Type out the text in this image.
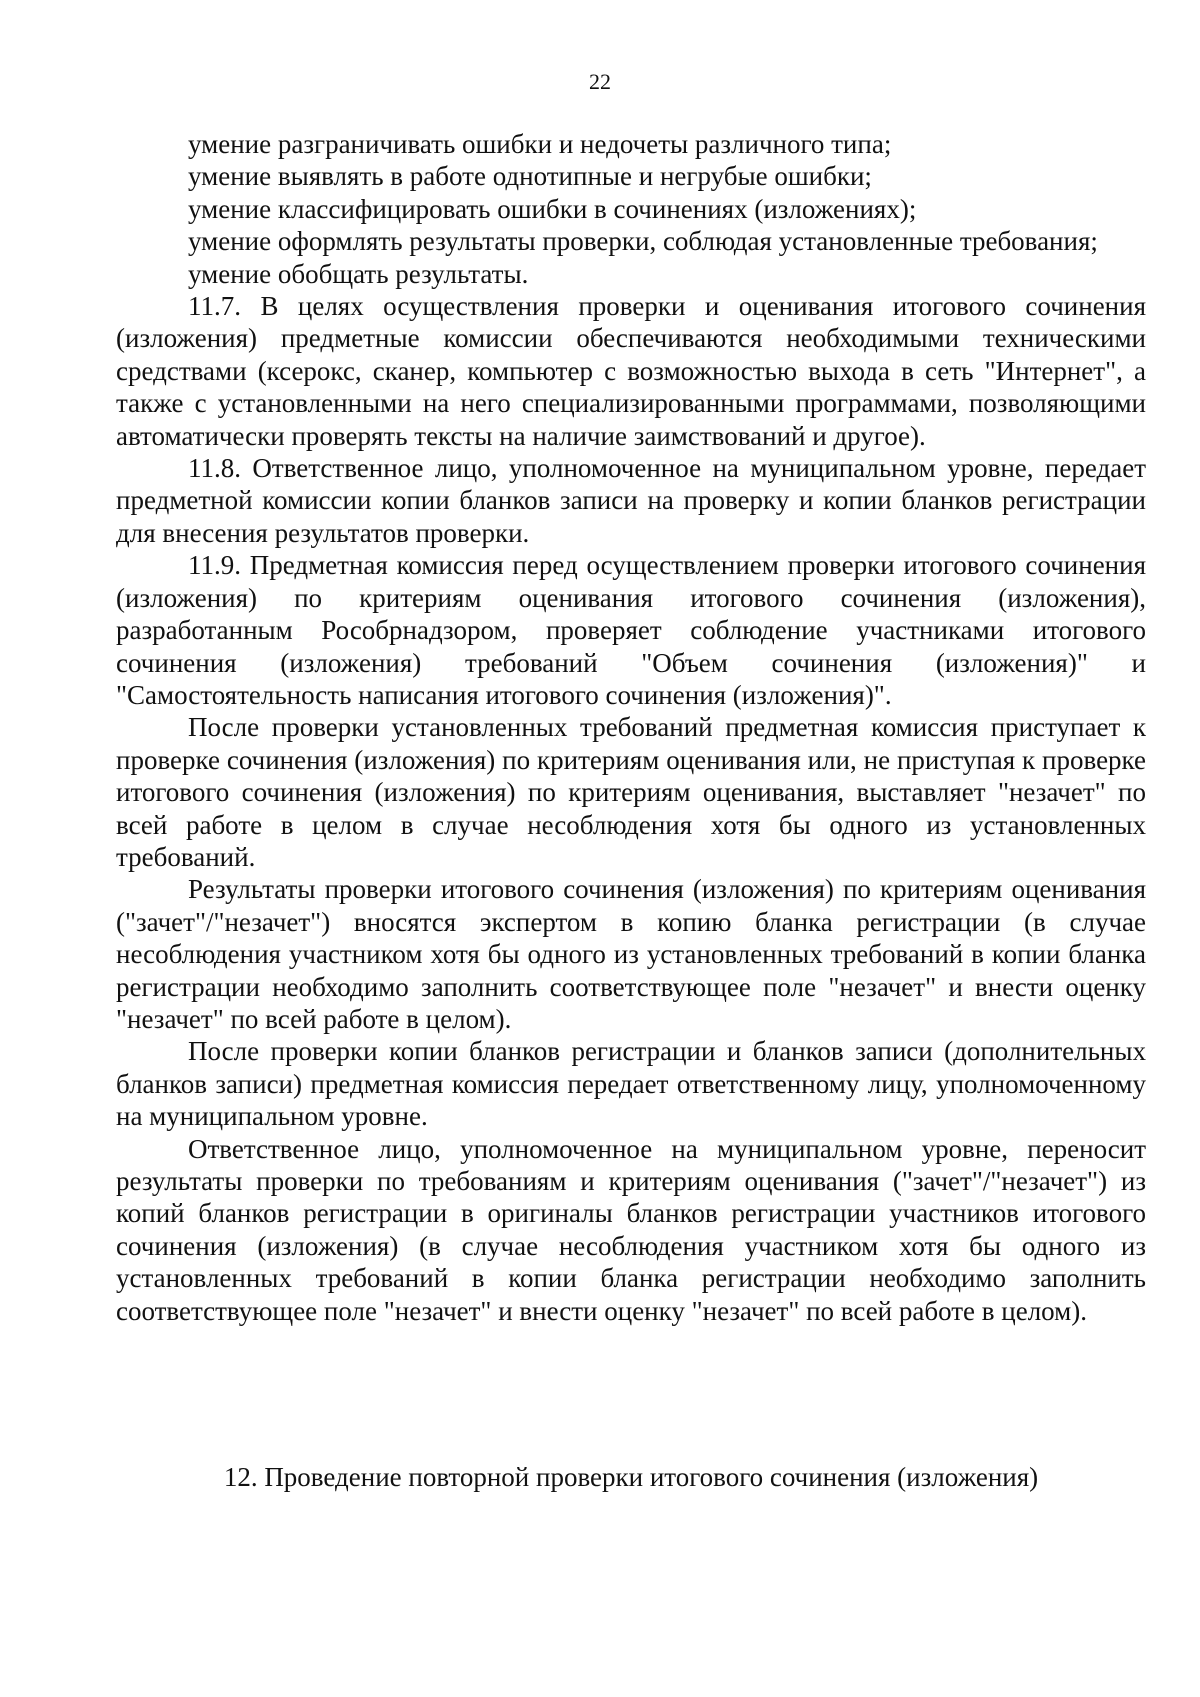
22

умение разграничивать ошибки и недочеты различного типа;

умение выявлять в работе однотипные и негрубые ошибки;

умение классифицировать ошибки в сочинениях (изложениях);

умение оформлять результаты проверки, соблюдая установленные требования;

умение обобщать результаты.

11.7. В целях осуществления проверки и оценивания итогового сочинения (изложения) предметные комиссии обеспечиваются необходимыми техническими средствами (ксерокс, сканер, компьютер с возможностью выхода в сеть "Интернет", а также с установленными на него специализированными программами, позволяющими автоматически проверять тексты на наличие заимствований и другое).

11.8. Ответственное лицо, уполномоченное на муниципальном уровне, передает предметной комиссии копии бланков записи на проверку и копии бланков регистрации для внесения результатов проверки.

11.9. Предметная комиссия перед осуществлением проверки итогового сочинения (изложения) по критериям оценивания итогового сочинения (изложения), разработанным Рособрнадзором, проверяет соблюдение участниками итогового сочинения (изложения) требований "Объем сочинения (изложения)" и "Самостоятельность написания итогового сочинения (изложения)".

После проверки установленных требований предметная комиссия приступает к проверке сочинения (изложения) по критериям оценивания или, не приступая к проверке итогового сочинения (изложения) по критериям оценивания, выставляет "незачет" по всей работе в целом в случае несоблюдения хотя бы одного из установленных требований.

Результаты проверки итогового сочинения (изложения) по критериям оценивания ("зачет"/"незачет") вносятся экспертом в копию бланка регистрации (в случае несоблюдения участником хотя бы одного из установленных требований в копии бланка регистрации необходимо заполнить соответствующее поле "незачет" и внести оценку "незачет" по всей работе в целом).

После проверки копии бланков регистрации и бланков записи (дополнительных бланков записи) предметная комиссия передает ответственному лицу, уполномоченному на муниципальном уровне.

Ответственное лицо, уполномоченное на муниципальном уровне, переносит результаты проверки по требованиям и критериям оценивания ("зачет"/"незачет") из копий бланков регистрации в оригиналы бланков регистрации участников итогового сочинения (изложения) (в случае несоблюдения участником хотя бы одного из установленных требований в копии бланка регистрации необходимо заполнить соответствующее поле "незачет" и внести оценку "незачет" по всей работе в целом).

12. Проведение повторной проверки итогового сочинения (изложения)
